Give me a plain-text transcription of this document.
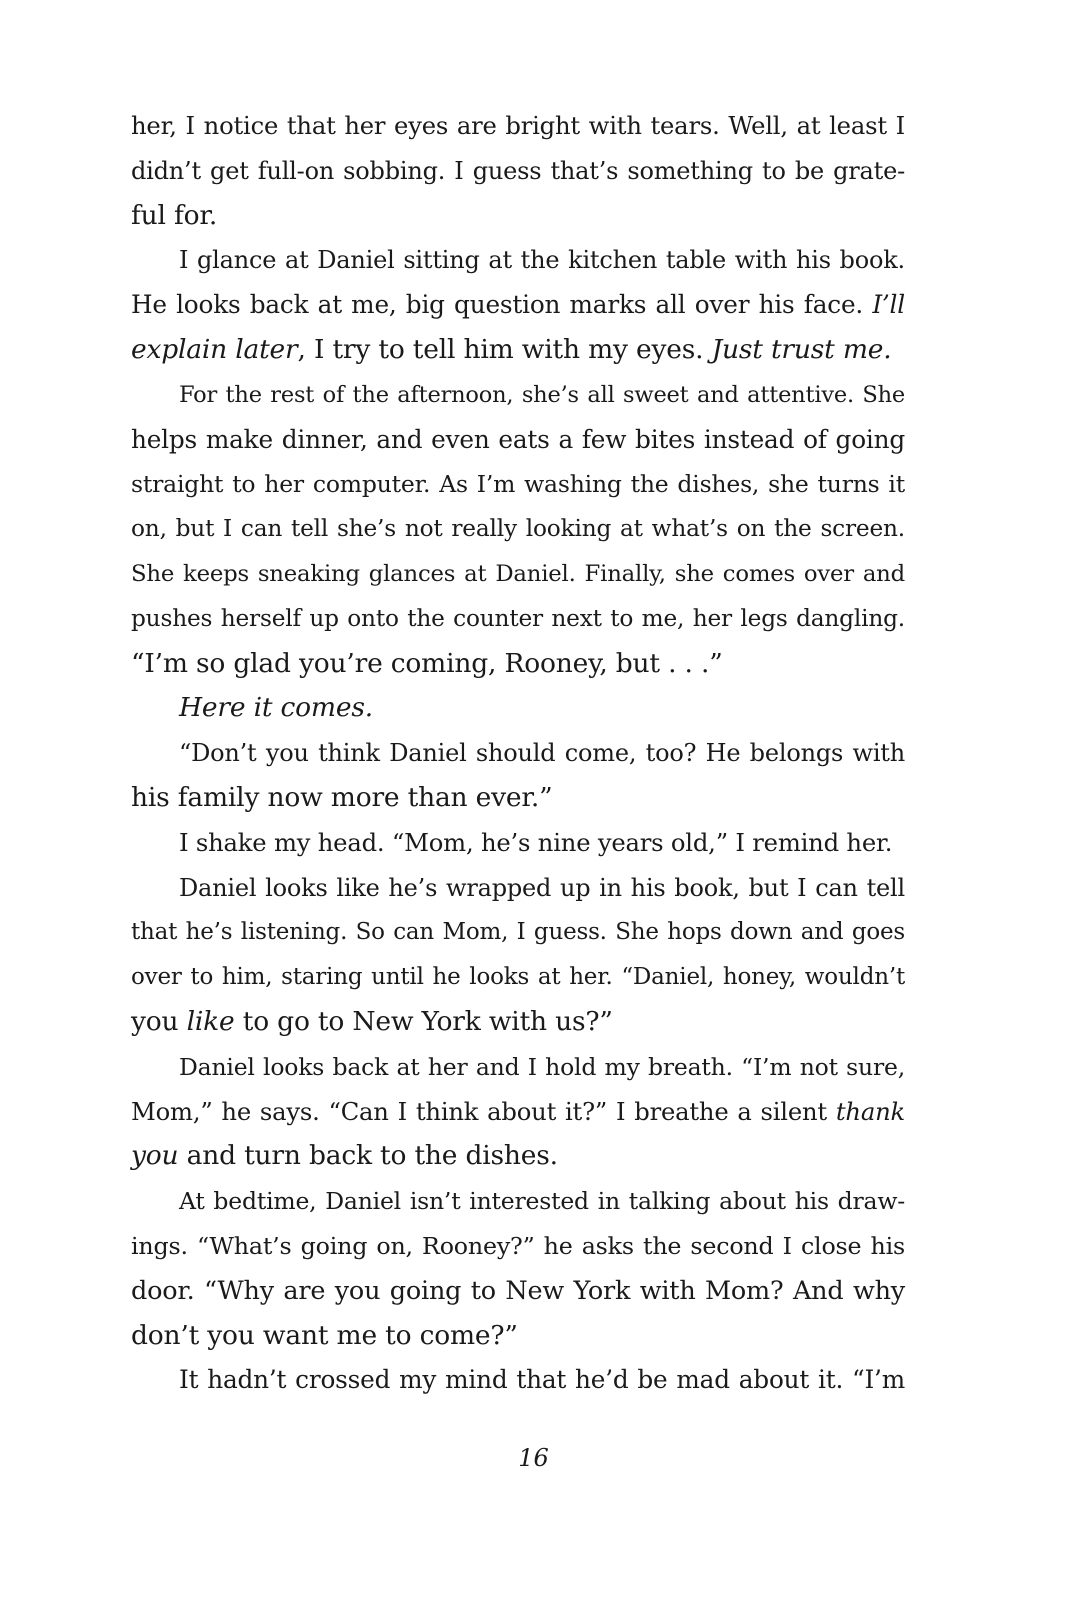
her, I notice that her eyes are bright with tears. Well, at least I
didn’t get full-on sobbing. I guess that’s something to be grate-
ful for.
I glance at Daniel sitting at the kitchen table with his book.
He looks back at me, big question marks all over his face. I’ll
explain later, I try to tell him with my eyes. Just trust me.
For the rest of the afternoon, she’s all sweet and attentive. She
helps make dinner, and even eats a few bites instead of going
straight to her computer. As I’m washing the dishes, she turns it
on, but I can tell she’s not really looking at what’s on the screen.
She keeps sneaking glances at Daniel. Finally, she comes over and
pushes herself up onto the counter next to me, her legs dangling.
“I’m so glad you’re coming, Rooney, but . . .”
Here it comes.
“Don’t you think Daniel should come, too? He belongs with
his family now more than ever.”
I shake my head. “Mom, he’s nine years old,” I remind her.
Daniel looks like he’s wrapped up in his book, but I can tell
that he’s listening. So can Mom, I guess. She hops down and goes
over to him, staring until he looks at her. “Daniel, honey, wouldn’t
you like to go to New York with us?”
Daniel looks back at her and I hold my breath. “I’m not sure,
Mom,” he says. “Can I think about it?” I breathe a silent thank
you and turn back to the dishes.
At bedtime, Daniel isn’t interested in talking about his draw-
ings. “What’s going on, Rooney?” he asks the second I close his
door. “Why are you going to New York with Mom? And why
don’t you want me to come?”
It hadn’t crossed my mind that he’d be mad about it. “I’m
16
